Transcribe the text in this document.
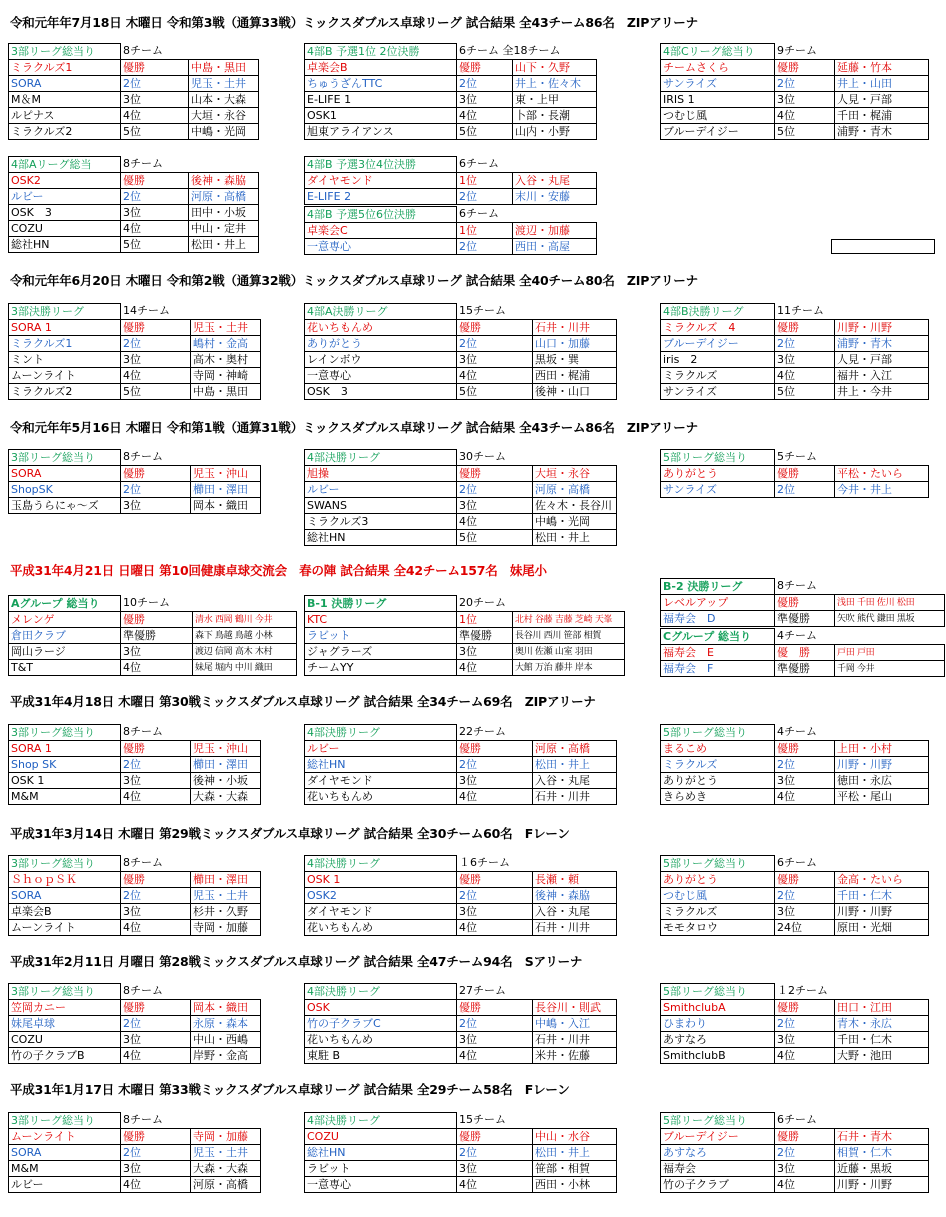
令和元年年7月18日 木曜日 令和第3戦（通算33戦）ミックスダブルス卓球リーグ 試合結果 全43チーム86名　ZIPアリーナ
令和元年年6月20日 木曜日 令和第2戦（通算32戦）ミックスダブルス卓球リーグ 試合結果 全40チーム80名　ZIPアリーナ
令和元年年5月16日 木曜日 令和第1戦（通算31戦）ミックスダブルス卓球リーグ 試合結果 全43チーム86名　ZIPアリーナ
平成31年4月21日 日曜日 第10回健康卓球交流会　春の陣 試合結果 全42チーム157名　妹尾小
平成31年4月18日 木曜日 第30戦ミックスダブルス卓球リーグ 試合結果 全34チーム69名　ZIPアリーナ
平成31年3月14日 木曜日 第29戦ミックスダブルス卓球リーグ 試合結果 全30チーム60名　Fレーン
平成31年2月11日 月曜日 第28戦ミックスダブルス卓球リーグ 試合結果 全47チーム94名　Sアリーナ
平成31年1月17日 木曜日 第33戦ミックスダブルス卓球リーグ 試合結果 全29チーム58名　Fレーン
3部リーグ総当り	8チーム	
ミラクルズ1	優勝	中島・黒田
SORA	2位	児玉・土井
M＆M	3位	山本・大森
ルピナス	4位	大垣・永谷
ミラクルズ2	5位	中嶋・光岡
4部B 予選1位 2位決勝	6チーム 全18チーム	
卓楽会B	優勝	山下・久野
ちゅうざんTTC	2位	井上・佐々木
E-LIFE 1	3位	東・上甲
OSK1	4位	卜部・長潮
旭東アライアンス	5位	山内・小野
4部Cリーグ総当り	9チーム	
チームさくら	優勝	延藤・竹本
サンライズ	2位	井上・山田
IRIS 1	3位	人見・戸部
つむじ風	4位	千田・梶浦
ブルーデイジー	5位	浦野・青木
4部Aリーグ総当	8チーム	
OSK2	優勝	後神・森脇
ルビー	2位	河原・高橋
OSK　3	3位	田中・小坂
COZU	4位	中山・定井
総社HN	5位	松田・井上
4部B 予選3位4位決勝	6チーム	
ダイヤモンド	1位	入谷・丸尾
E-LIFE 2	2位	末川・安藤
4部B 予選5位6位決勝	6チーム	
卓楽会C	1位	渡辺・加藤
一意専心	2位	西田・高屋
3部決勝リーグ	14チーム	
SORA 1	優勝	児玉・土井
ミラクルズ1	2位	嶋村・金高
ミント	3位	高木・奥村
ムーンライト	4位	寺岡・神崎
ミラクルズ2	5位	中島・黒田
4部A決勝リーグ	15チーム	
花いちもんめ	優勝	石井・川井
ありがとう	2位	山口・加藤
レインボウ	3位	黒坂・巽
一意専心	4位	西田・梶浦
OSK　3	5位	後神・山口
4部B決勝リーグ	11チーム	
ミラクルズ　4	優勝	川野・川野
ブルーデイジー	2位	浦野・青木
iris　2	3位	人見・戸部
ミラクルズ	4位	福井・入江
サンライズ	5位	井上・今井
3部リーグ総当り	8チーム	
SORA	優勝	児玉・沖山
ShopSK	2位	櫛田・澤田
玉島うらにゃ～ズ	3位	岡本・織田
4部決勝リーグ	30チーム	
旭操	優勝	大垣・永谷
ルビー	2位	河原・高橋
SWANS	3位	佐々木・長谷川
ミラクルズ3	4位	中嶋・光岡
総社HN	5位	松田・井上
5部リーグ総当り	5チーム	
ありがとう	優勝	平松・たいら
サンライズ	2位	今井・井上
Aグループ 総当り	10チーム	
メレンゲ	優勝	清水 西岡 鶴川 今井
倉田クラブ	準優勝	森下 鳥越 鳥越 小林
岡山ラージ	3位	渡辺 信岡 高木 木村
T&T	4位	妹尾 堀内 中川 織田
B-1 決勝リーグ	20チーム	
KTC	1位	北村 谷藤 吉藤 芝崎 天峯
ラビット	準優勝	長谷川 西川 笹部 相賀
ジャグラーズ	3位	奥川 佐瀬 山室 羽田
チームYY	4位	大館 万治 藤井 岸本
B-2 決勝リーグ	8チーム	
レベルアップ	優勝	浅田 千田 佐川 松田
福寿会　D	準優勝	矢吹 熊代 鎌田 黒坂
Cグループ 総当り	4チーム	
福寿会　E	優　勝	戸田 戸田
福寿会　F	準優勝	千岡 今井
3部リーグ総当り	8チーム	
SORA 1	優勝	児玉・沖山
Shop SK	2位	櫛田・澤田
OSK 1	3位	後神・小坂
M&M	4位	大森・大森
4部決勝リーグ	22チーム	
ルビー	優勝	河原・高橋
総社HN	2位	松田・井上
ダイヤモンド	3位	入谷・丸尾
花いちもんめ	4位	石井・川井
5部リーグ総当り	4チーム	
まるこめ	優勝	上田・小村
ミラクルズ	2位	川野・川野
ありがとう	3位	徳田・永広
きらめき	4位	平松・尾山
3部リーグ総当り	8チーム	
ＳｈｏｐＳＫ	優勝	櫛田・澤田
SORA	2位	児玉・土井
卓楽会B	3位	杉井・久野
ムーンライト	4位	寺岡・加藤
4部決勝リーグ	１6チーム	
OSK 1	優勝	長瀬・頼
OSK2	2位	後神・森脇
ダイヤモンド	3位	入谷・丸尾
花いちもんめ	4位	石井・川井
5部リーグ総当り	6チーム	
ありがとう	優勝	金高・たいら
つむじ風	2位	千田・仁木
ミラクルズ	3位	川野・川野
モモタロウ	24位	原田・光畑
3部リーグ総当り	8チーム	
笠岡カニー	優勝	岡本・織田
妹尾卓球	2位	永原・森本
COZU	3位	中山・西嶋
竹の子クラブB	4位	岸野・金高
4部決勝リーグ	27チーム	
OSK	優勝	長谷川・則武
竹の子クラブC	2位	中嶋・入江
花いちもんめ	3位	石井・川井
東駐 B	4位	米井・佐藤
5部リーグ総当り	１2チーム	
SmithclubA	優勝	田口・江田
ひまわり	2位	青木・永広
あすなろ	3位	千田・仁木
SmithclubB	4位	大野・池田
3部リーグ総当り	8チーム	
ムーンライト	優勝	寺岡・加藤
SORA	2位	児玉・土井
M&M	3位	大森・大森
ルビー	4位	河原・高橋
4部決勝リーグ	15チーム	
COZU	優勝	中山・水谷
総社HN	2位	松田・井上
ラビット	3位	笹部・相賀
一意専心	4位	西田・小林
5部リーグ総当り	6チーム	
ブルーデイジー	優勝	石井・青木
あすなろ	2位	相賀・仁木
福寿会	3位	近藤・黒坂
竹の子クラブ	4位	川野・川野
